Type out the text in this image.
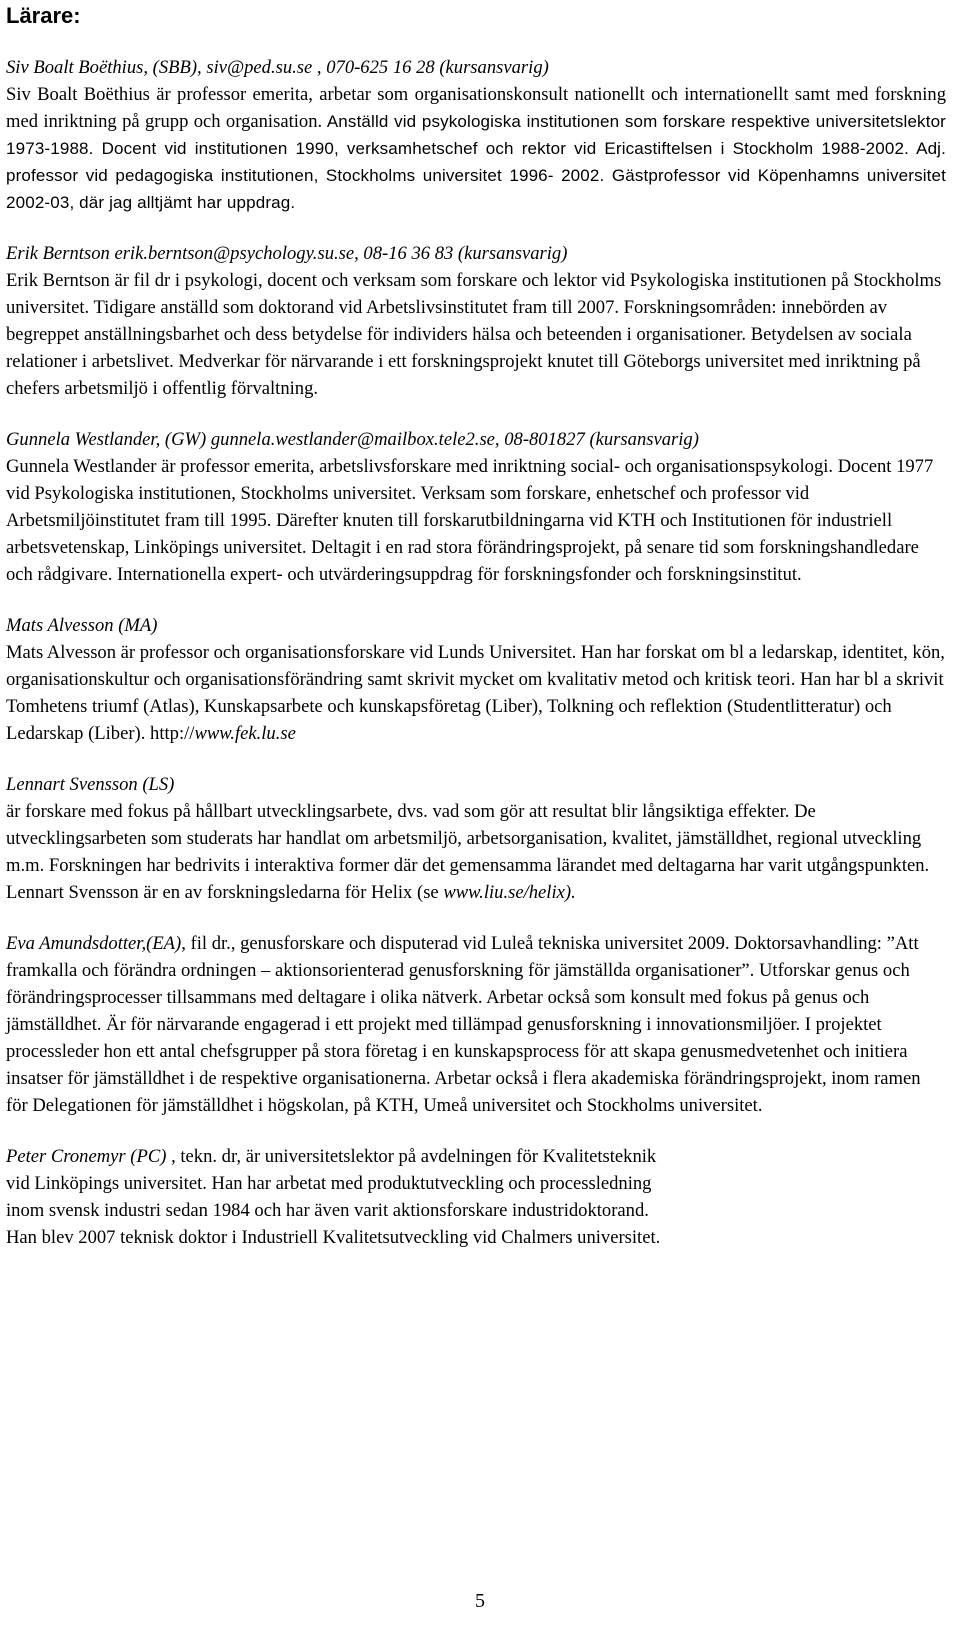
Lärare:

Siv Boalt Boëthius, (SBB), siv@ped.su.se , 070-625 16 28 (kursansvarig)

Siv Boalt Boëthius är professor emerita, arbetar som organisationskonsult nationellt och internationellt samt med forskning med inriktning på grupp och organisation. Anställd vid psykologiska institutionen som forskare respektive universitetslektor 1973-1988. Docent vid institutionen 1990, verksamhetschef och rektor vid Ericastiftelsen i Stockholm 1988-2002. Adj. professor vid pedagogiska institutionen, Stockholms universitet 1996- 2002. Gästprofessor vid Köpenhamns universitet 2002-03, där jag alltjämt har uppdrag.

Erik Berntson erik.berntson@psychology.su.se, 08-16 36 83 (kursansvarig)

Erik Berntson är fil dr i psykologi, docent och verksam som forskare och lektor vid Psykologiska institutionen på Stockholms universitet. Tidigare anställd som doktorand vid Arbetslivsinstitutet fram till 2007. Forskningsområden: innebörden av begreppet anställningsbarhet och dess betydelse för individers hälsa och beteenden i organisationer. Betydelsen av sociala relationer i arbetslivet. Medverkar för närvarande i ett forskningsprojekt knutet till Göteborgs universitet med inriktning på chefers arbetsmiljö i offentlig förvaltning.

Gunnela Westlander, (GW) gunnela.westlander@mailbox.tele2.se, 08-801827 (kursansvarig)

Gunnela Westlander är professor emerita, arbetslivsforskare med inriktning social- och organisationspsykologi. Docent 1977 vid Psykologiska institutionen, Stockholms universitet. Verksam som forskare, enhetschef och professor vid Arbetsmiljöinstitutet fram till 1995. Därefter knuten till forskarutbildningarna vid KTH och Institutionen för industriell arbetsvetenskap, Linköpings universitet. Deltagit i en rad stora förändringsprojekt, på senare tid som forskningshandledare och rådgivare. Internationella expert- och utvärderingsuppdrag för forskningsfonder och forskningsinstitut.

Mats Alvesson (MA)

Mats Alvesson är professor och organisationsforskare vid Lunds Universitet. Han har forskat om bl a ledarskap, identitet, kön, organisationskultur och organisationsförändring samt skrivit mycket om kvalitativ metod och kritisk teori. Han har bl a skrivit Tomhetens triumf (Atlas), Kunskapsarbete och kunskapsföretag (Liber), Tolkning och reflektion (Studentlitteratur) och Ledarskap (Liber). http://www.fek.lu.se

Lennart Svensson (LS)

är forskare med fokus på hållbart utvecklingsarbete, dvs. vad som gör att resultat blir långsiktiga effekter. De utvecklingsarbeten som studerats har handlat om arbetsmiljö, arbetsorganisation, kvalitet, jämställdhet, regional utveckling m.m. Forskningen har bedrivits i interaktiva former där det gemensamma lärandet med deltagarna har varit utgångspunkten. Lennart Svensson är en av forskningsledarna för Helix (se www.liu.se/helix).

Eva Amundsdotter,(EA), fil dr., genusforskare och disputerad vid Luleå tekniska universitet 2009. Doktorsavhandling: ”Att framkalla och förändra ordningen – aktionsorienterad genusforskning för jämställda organisationer”. Utforskar genus och förändringsprocesser tillsammans med deltagare i olika nätverk. Arbetar också som konsult med fokus på genus och jämställdhet. Är för närvarande engagerad i ett projekt med tillämpad genusforskning i innovationsmiljöer. I projektet processleder hon ett antal chefsgrupper på stora företag i en kunskapsprocess för att skapa genusmedvetenhet och initiera insatser för jämställdhet i de respektive organisationerna. Arbetar också i flera akademiska förändringsprojekt, inom ramen för Delegationen för jämställdhet i högskolan, på KTH, Umeå universitet och Stockholms universitet.

Peter Cronemyr (PC) , tekn. dr, är universitetslektor på avdelningen för Kvalitetsteknik

vid Linköpings universitet. Han har arbetat med produktutveckling och processledning

inom svensk industri sedan 1984 och har även varit aktionsforskare industridoktorand.

Han blev 2007 teknisk doktor i Industriell Kvalitetsutveckling vid Chalmers universitet.

5
